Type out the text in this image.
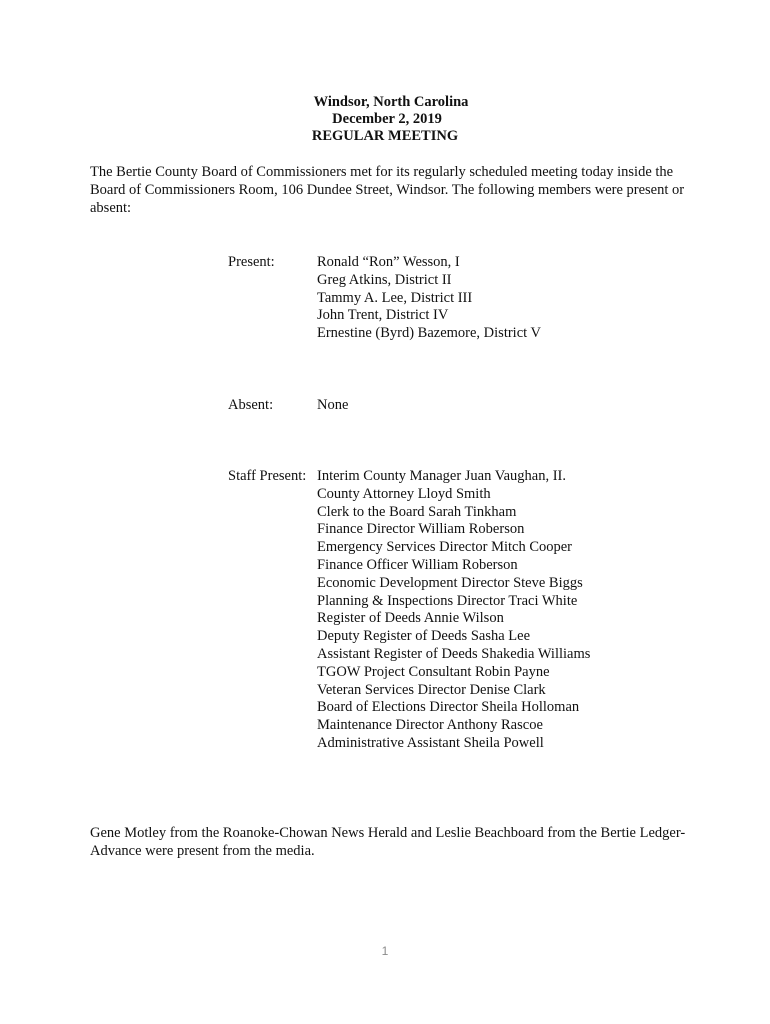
Windsor, North Carolina
December 2, 2019
REGULAR MEETING

The Bertie County Board of Commissioners met for its regularly scheduled meeting today inside the Board of Commissioners Room, 106 Dundee Street, Windsor. The following members were present or absent:

Present:	Ronald “Ron” Wesson, I
Greg Atkins, District II
Tammy A. Lee, District III
John Trent, District IV
Ernestine (Byrd) Bazemore, District V
Absent:	None
Staff Present: Interim County Manager Juan Vaughan, II.
County Attorney Lloyd Smith
Clerk to the Board Sarah Tinkham
Finance Director William Roberson
Emergency Services Director Mitch Cooper
Finance Officer William Roberson
Economic Development Director Steve Biggs
Planning & Inspections Director Traci White
Register of Deeds Annie Wilson
Deputy Register of Deeds Sasha Lee
Assistant Register of Deeds Shakedia Williams
TGOW Project Consultant Robin Payne
Veteran Services Director Denise Clark
Board of Elections Director Sheila Holloman
Maintenance Director Anthony Rascoe
Administrative Assistant Sheila Powell

Gene Motley from the Roanoke-Chowan News Herald and Leslie Beachboard from the Bertie Ledger-Advance were present from the media.

1
